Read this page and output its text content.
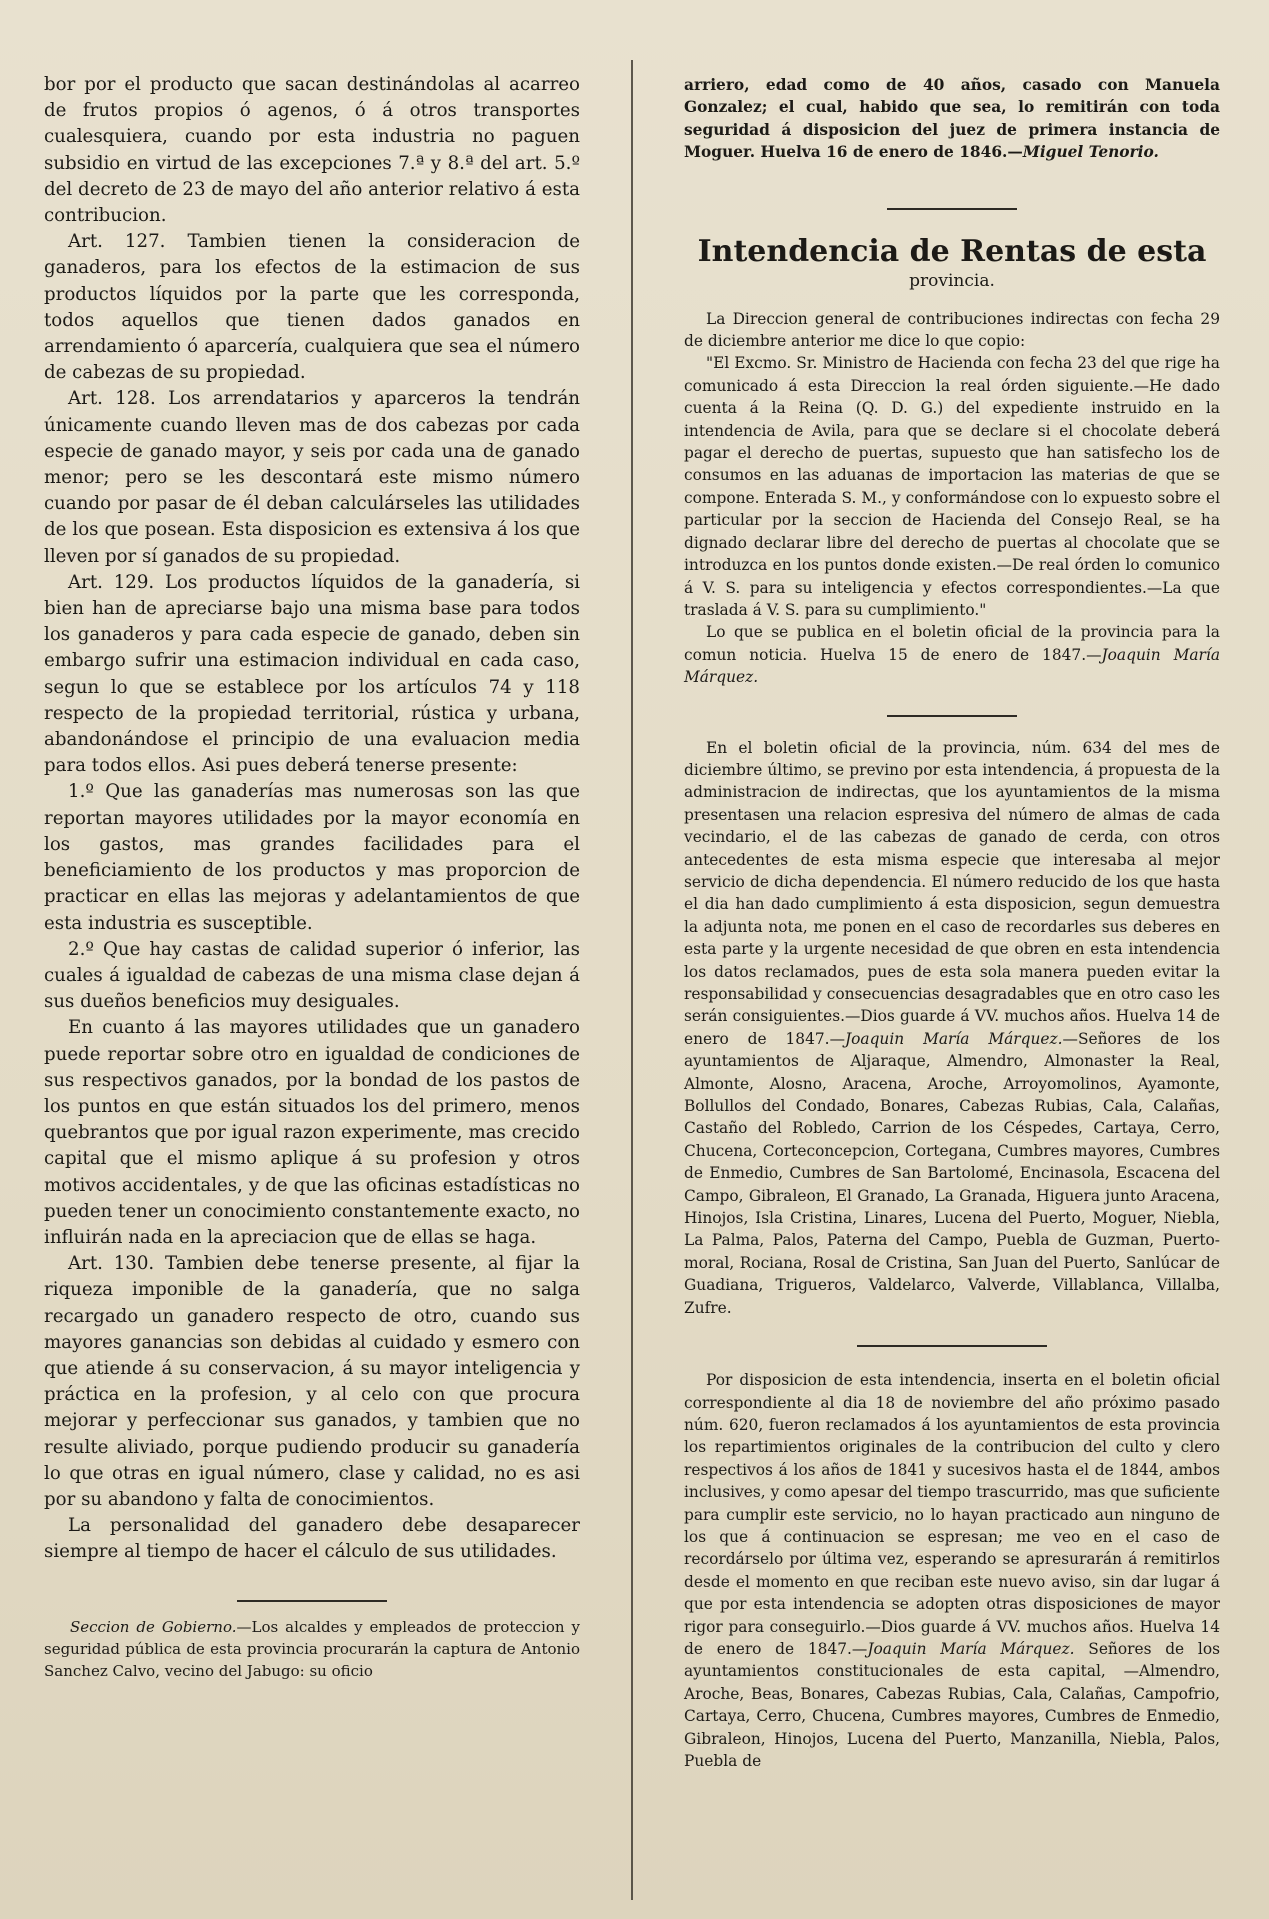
bor por el producto que sacan destinándolas al acarreo de frutos propios ó agenos, ó á otros transportes cualesquiera, cuando por esta industria no paguen subsidio en virtud de las excepciones 7.ª y 8.ª del art. 5.º del decreto de 23 de mayo del año anterior relativo á esta contribucion.

Art. 127. Tambien tienen la consideracion de ganaderos, para los efectos de la estimacion de sus productos líquidos por la parte que les corresponda, todos aquellos que tienen dados ganados en arrendamiento ó aparcería, cualquiera que sea el número de cabezas de su propiedad.

Art. 128. Los arrendatarios y aparceros la tendrán únicamente cuando lleven mas de dos cabezas por cada especie de ganado mayor, y seis por cada una de ganado menor; pero se les descontará este mismo número cuando por pasar de él deban calculárseles las utilidades de los que posean. Esta disposicion es extensiva á los que lleven por sí ganados de su propiedad.

Art. 129. Los productos líquidos de la ganadería, si bien han de apreciarse bajo una misma base para todos los ganaderos y para cada especie de ganado, deben sin embargo sufrir una estimacion individual en cada caso, segun lo que se establece por los artículos 74 y 118 respecto de la propiedad territorial, rústica y urbana, abandonándose el principio de una evaluacion media para todos ellos. Asi pues deberá tenerse presente:

1.º Que las ganaderías mas numerosas son las que reportan mayores utilidades por la mayor economía en los gastos, mas grandes facilidades para el beneficiamiento de los productos y mas proporcion de practicar en ellas las mejoras y adelantamientos de que esta industria es susceptible.

2.º Que hay castas de calidad superior ó inferior, las cuales á igualdad de cabezas de una misma clase dejan á sus dueños beneficios muy desiguales.

En cuanto á las mayores utilidades que un ganadero puede reportar sobre otro en igualdad de condiciones de sus respectivos ganados, por la bondad de los pastos de los puntos en que están situados los del primero, menos quebrantos que por igual razon experimente, mas crecido capital que el mismo aplique á su profesion y otros motivos accidentales, y de que las oficinas estadísticas no pueden tener un conocimiento constantemente exacto, no influirán nada en la apreciacion que de ellas se haga.

Art. 130. Tambien debe tenerse presente, al fijar la riqueza imponible de la ganadería, que no salga recargado un ganadero respecto de otro, cuando sus mayores ganancias son debidas al cuidado y esmero con que atiende á su conservacion, á su mayor inteligencia y práctica en la profesion, y al celo con que procura mejorar y perfeccionar sus ganados, y tambien que no resulte aliviado, porque pudiendo producir su ganadería lo que otras en igual número, clase y calidad, no es asi por su abandono y falta de conocimientos.

La personalidad del ganadero debe desaparecer siempre al tiempo de hacer el cálculo de sus utilidades.

Seccion de Gobierno.—Los alcaldes y empleados de proteccion y seguridad pública de esta provincia procurarán la captura de Antonio Sanchez Calvo, vecino del Jabugo: su oficio

arriero, edad como de 40 años, casado con Manuela Gonzalez; el cual, habido que sea, lo remitirán con toda seguridad á disposicion del juez de primera instancia de Moguer. Huelva 16 de enero de 1846.—Miguel Tenorio.

Intendencia de Rentas de esta
provincia.

La Direccion general de contribuciones indirectas con fecha 29 de diciembre anterior me dice lo que copio:

"El Excmo. Sr. Ministro de Hacienda con fecha 23 del que rige ha comunicado á esta Direccion la real órden siguiente.—He dado cuenta á la Reina (Q. D. G.) del expediente instruido en la intendencia de Avila, para que se declare si el chocolate deberá pagar el derecho de puertas, supuesto que han satisfecho los de consumos en las aduanas de importacion las materias de que se compone. Enterada S. M., y conformándose con lo expuesto sobre el particular por la seccion de Hacienda del Consejo Real, se ha dignado declarar libre del derecho de puertas al chocolate que se introduzca en los puntos donde existen.—De real órden lo comunico á V. S. para su inteligencia y efectos correspondientes.—La que traslada á V. S. para su cumplimiento."

Lo que se publica en el boletin oficial de la provincia para la comun noticia. Huelva 15 de enero de 1847.—Joaquin María Márquez.

En el boletin oficial de la provincia, núm. 634 del mes de diciembre último, se previno por esta intendencia, á propuesta de la administracion de indirectas, que los ayuntamientos de la misma presentasen una relacion espresiva del número de almas de cada vecindario, el de las cabezas de ganado de cerda, con otros antecedentes de esta misma especie que interesaba al mejor servicio de dicha dependencia. El número reducido de los que hasta el dia han dado cumplimiento á esta disposicion, segun demuestra la adjunta nota, me ponen en el caso de recordarles sus deberes en esta parte y la urgente necesidad de que obren en esta intendencia los datos reclamados, pues de esta sola manera pueden evitar la responsabilidad y consecuencias desagradables que en otro caso les serán consiguientes.—Dios guarde á VV. muchos años. Huelva 14 de enero de 1847.—Joaquin María Márquez.—Señores de los ayuntamientos de Aljaraque, Almendro, Almonaster la Real, Almonte, Alosno, Aracena, Aroche, Arroyomolinos, Ayamonte, Bollullos del Condado, Bonares, Cabezas Rubias, Cala, Calañas, Castaño del Robledo, Carrion de los Céspedes, Cartaya, Cerro, Chucena, Corteconcepcion, Cortegana, Cumbres mayores, Cumbres de Enmedio, Cumbres de San Bartolomé, Encinasola, Escacena del Campo, Gibraleon, El Granado, La Granada, Higuera junto Aracena, Hinojos, Isla Cristina, Linares, Lucena del Puerto, Moguer, Niebla, La Palma, Palos, Paterna del Campo, Puebla de Guzman, Puerto-moral, Rociana, Rosal de Cristina, San Juan del Puerto, Sanlúcar de Guadiana, Trigueros, Valdelarco, Valverde, Villablanca, Villalba, Zufre.

Por disposicion de esta intendencia, inserta en el boletin oficial correspondiente al dia 18 de noviembre del año próximo pasado núm. 620, fueron reclamados á los ayuntamientos de esta provincia los repartimientos originales de la contribucion del culto y clero respectivos á los años de 1841 y sucesivos hasta el de 1844, ambos inclusives, y como apesar del tiempo trascurrido, mas que suficiente para cumplir este servicio, no lo hayan practicado aun ninguno de los que á continuacion se espresan; me veo en el caso de recordárselo por última vez, esperando se apresurarán á remitirlos desde el momento en que reciban este nuevo aviso, sin dar lugar á que por esta intendencia se adopten otras disposiciones de mayor rigor para conseguirlo.—Dios guarde á VV. muchos años. Huelva 14 de enero de 1847.—Joaquin María Márquez. Señores de los ayuntamientos constitucionales de esta capital, —Almendro, Aroche, Beas, Bonares, Cabezas Rubias, Cala, Calañas, Campofrio, Cartaya, Cerro, Chucena, Cumbres mayores, Cumbres de Enmedio, Gibraleon, Hinojos, Lucena del Puerto, Manzanilla, Niebla, Palos, Puebla de
